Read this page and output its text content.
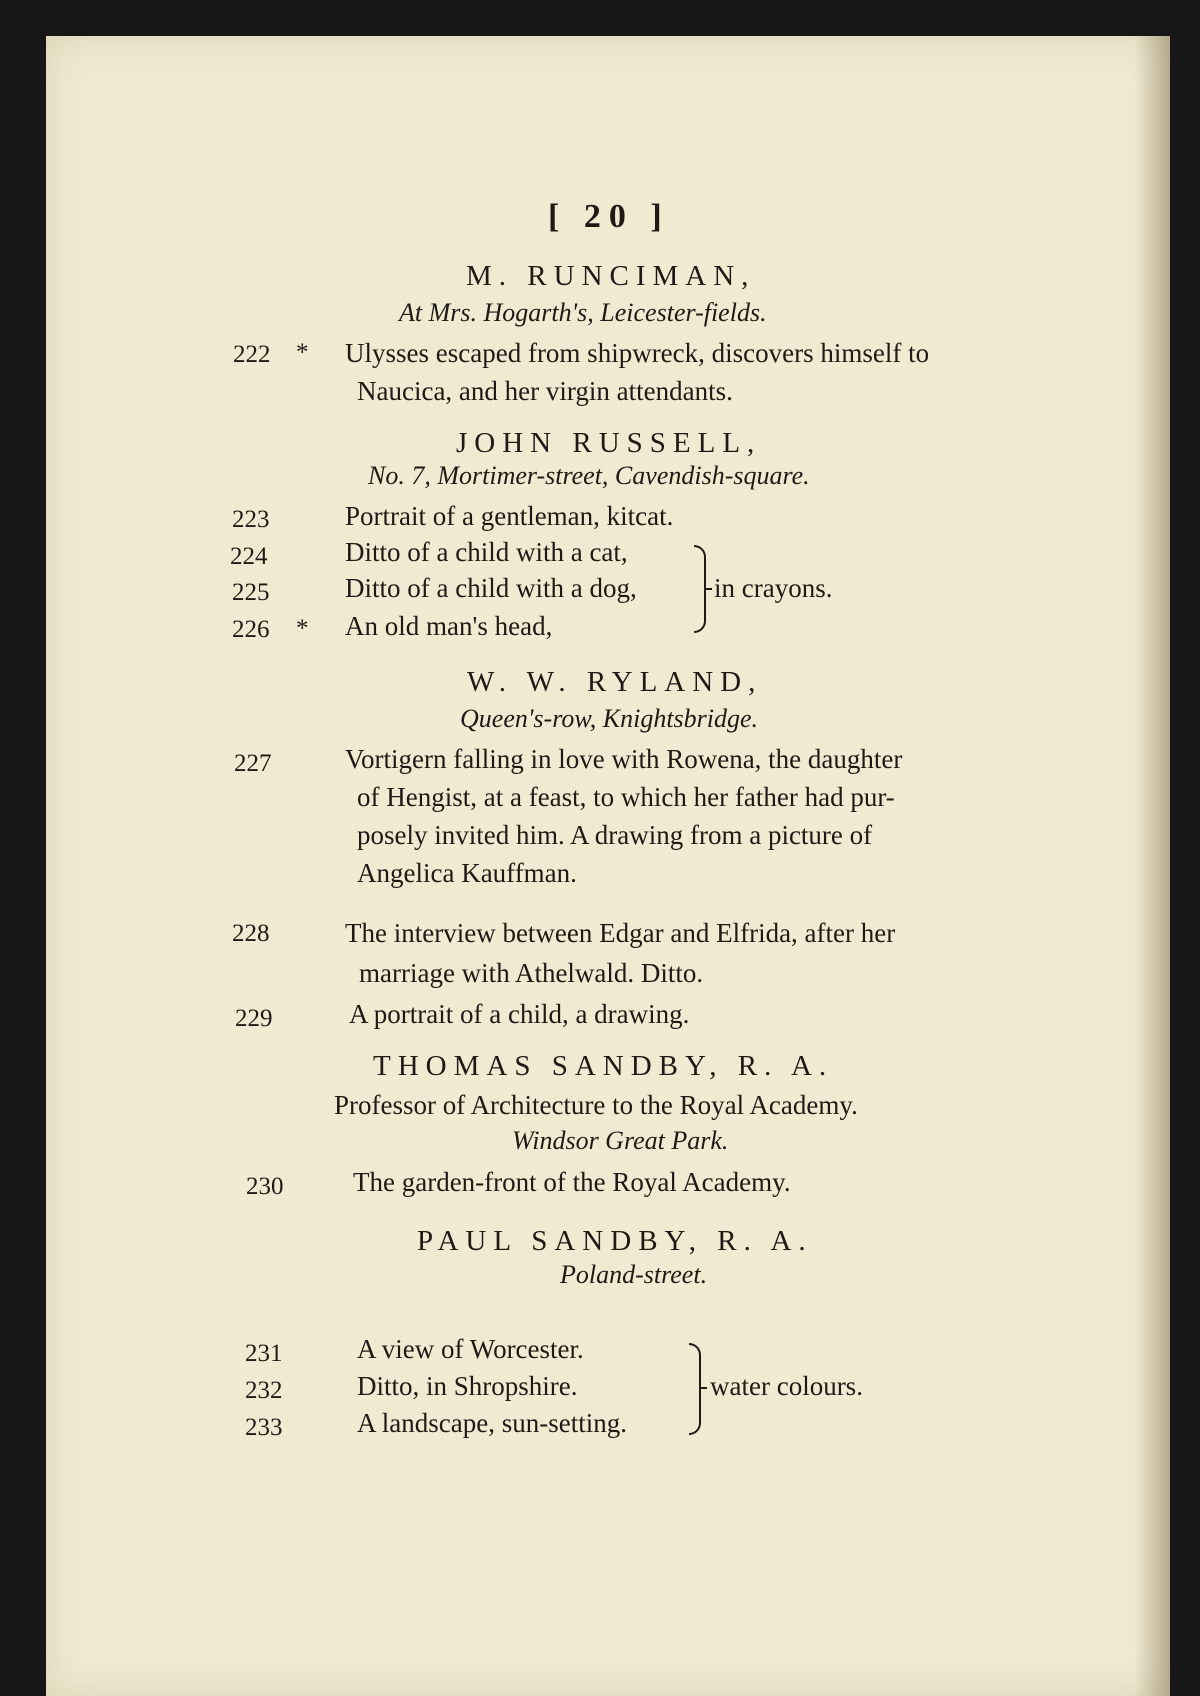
[ 20 ]
M. RUNCIMAN,
At Mrs. Hogarth's, Leicester-fields.
222 * Ulysses escaped from shipwreck, discovers himself to
Naucica, and her virgin attendants.
JOHN RUSSELL,
No. 7, Mortimer-street, Cavendish-square.
223	Portrait of a gentleman, kitcat.
224	Ditto of a child with a cat,
225	Ditto of a child with a dog,
226 * An old man's head,
in crayons.
W. W. RYLAND,
Queen's-row, Knightsbridge.
227	Vortigern falling in love with Rowena, the daughter
of Hengist, at a feast, to which her father had pur-
posely invited him. A drawing from a picture of
Angelica Kauffman.
228	The interview between Edgar and Elfrida, after her
marriage with Athelwald. Ditto.
229	A portrait of a child, a drawing.
THOMAS SANDBY, R. A.
Professor of Architecture to the Royal Academy.
Windsor Great Park.
230	The garden-front of the Royal Academy.
PAUL SANDBY, R. A.
Poland-street.
231	A view of Worcester.
232	Ditto, in Shropshire.
233	A landscape, sun-setting.
water colours.
